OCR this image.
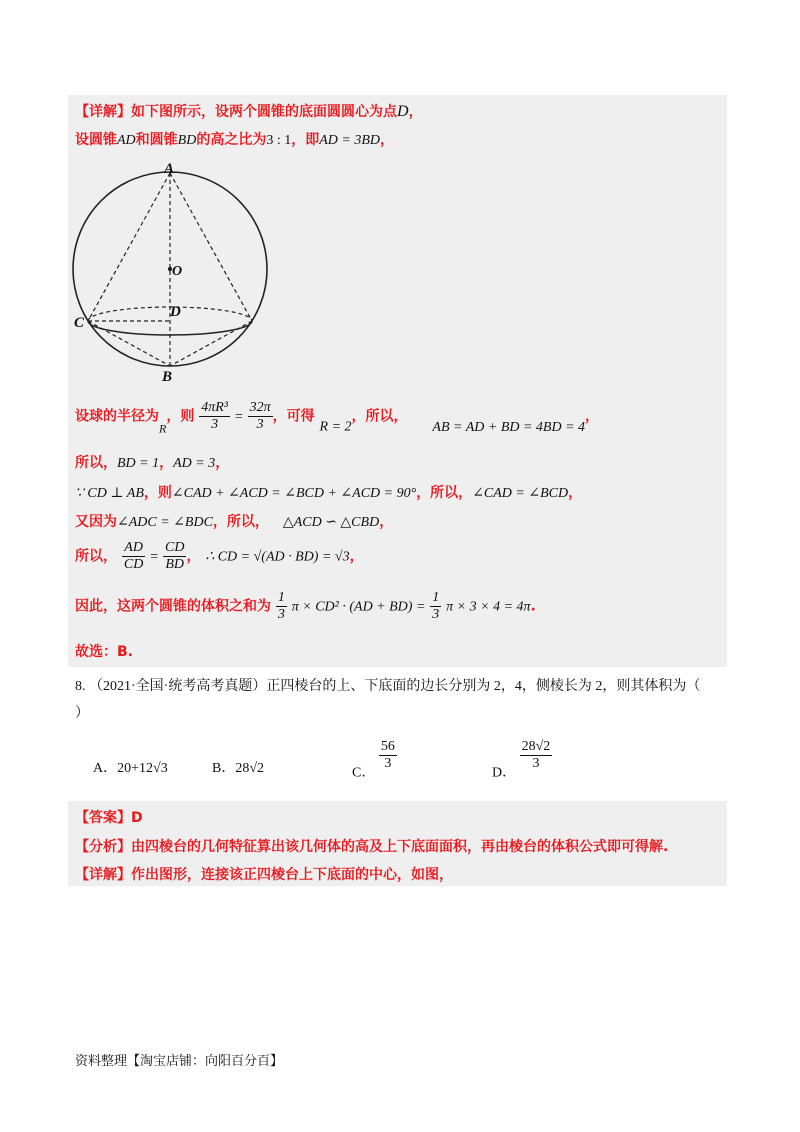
【详解】如下图所示，设两个圆锥的底面圆圆心为点D，
设圆锥AD和圆锥BD的高之比为3 : 1，即AD = 3BD，
A
O
C
D
B
设球的半径为R，则 $\frac{\text{4πR³}}{3} = \frac{32\pi}{3}$ ，可得 R = 2，所以， AB = AD + BD = 4BD = 4，
所以，BD = 1，AD = 3，
∵ CD ⊥ AB，则∠CAD + ∠ACD = ∠BCD + ∠ACD = 90°，所以，∠CAD = ∠BCD，
又因为∠ADC = ∠BDC，所以， △ACD ∽ △CBD，
所以， $\frac{AD}{CD} = \frac{CD}{BD}$ ， ∴ CD = √(AD · BD) = √3，
因此，这两个圆锥的体积之和为 $\frac{1}{3}$ $\pi \times CD^2 \cdot (AD + BD) = \frac{1}{3}$ π × 3 × 4 = 4π.
故选：B.
8. （2021·全国·统考高考真题）正四棱台的上、下底面的边长分别为 2，4，侧棱长为 2，则其体积为（
）
A．20+12√3	B．28√2	C．
$\frac{56}{3}$
D．
$\frac{28√2}{3}$
【答案】D
【分析】由四棱台的几何特征算出该几何体的高及上下底面面积，再由棱台的体积公式即可得解.
【详解】作出图形，连接该正四棱台上下底面的中心，如图，
资料整理【淘宝店铺：向阳百分百】
